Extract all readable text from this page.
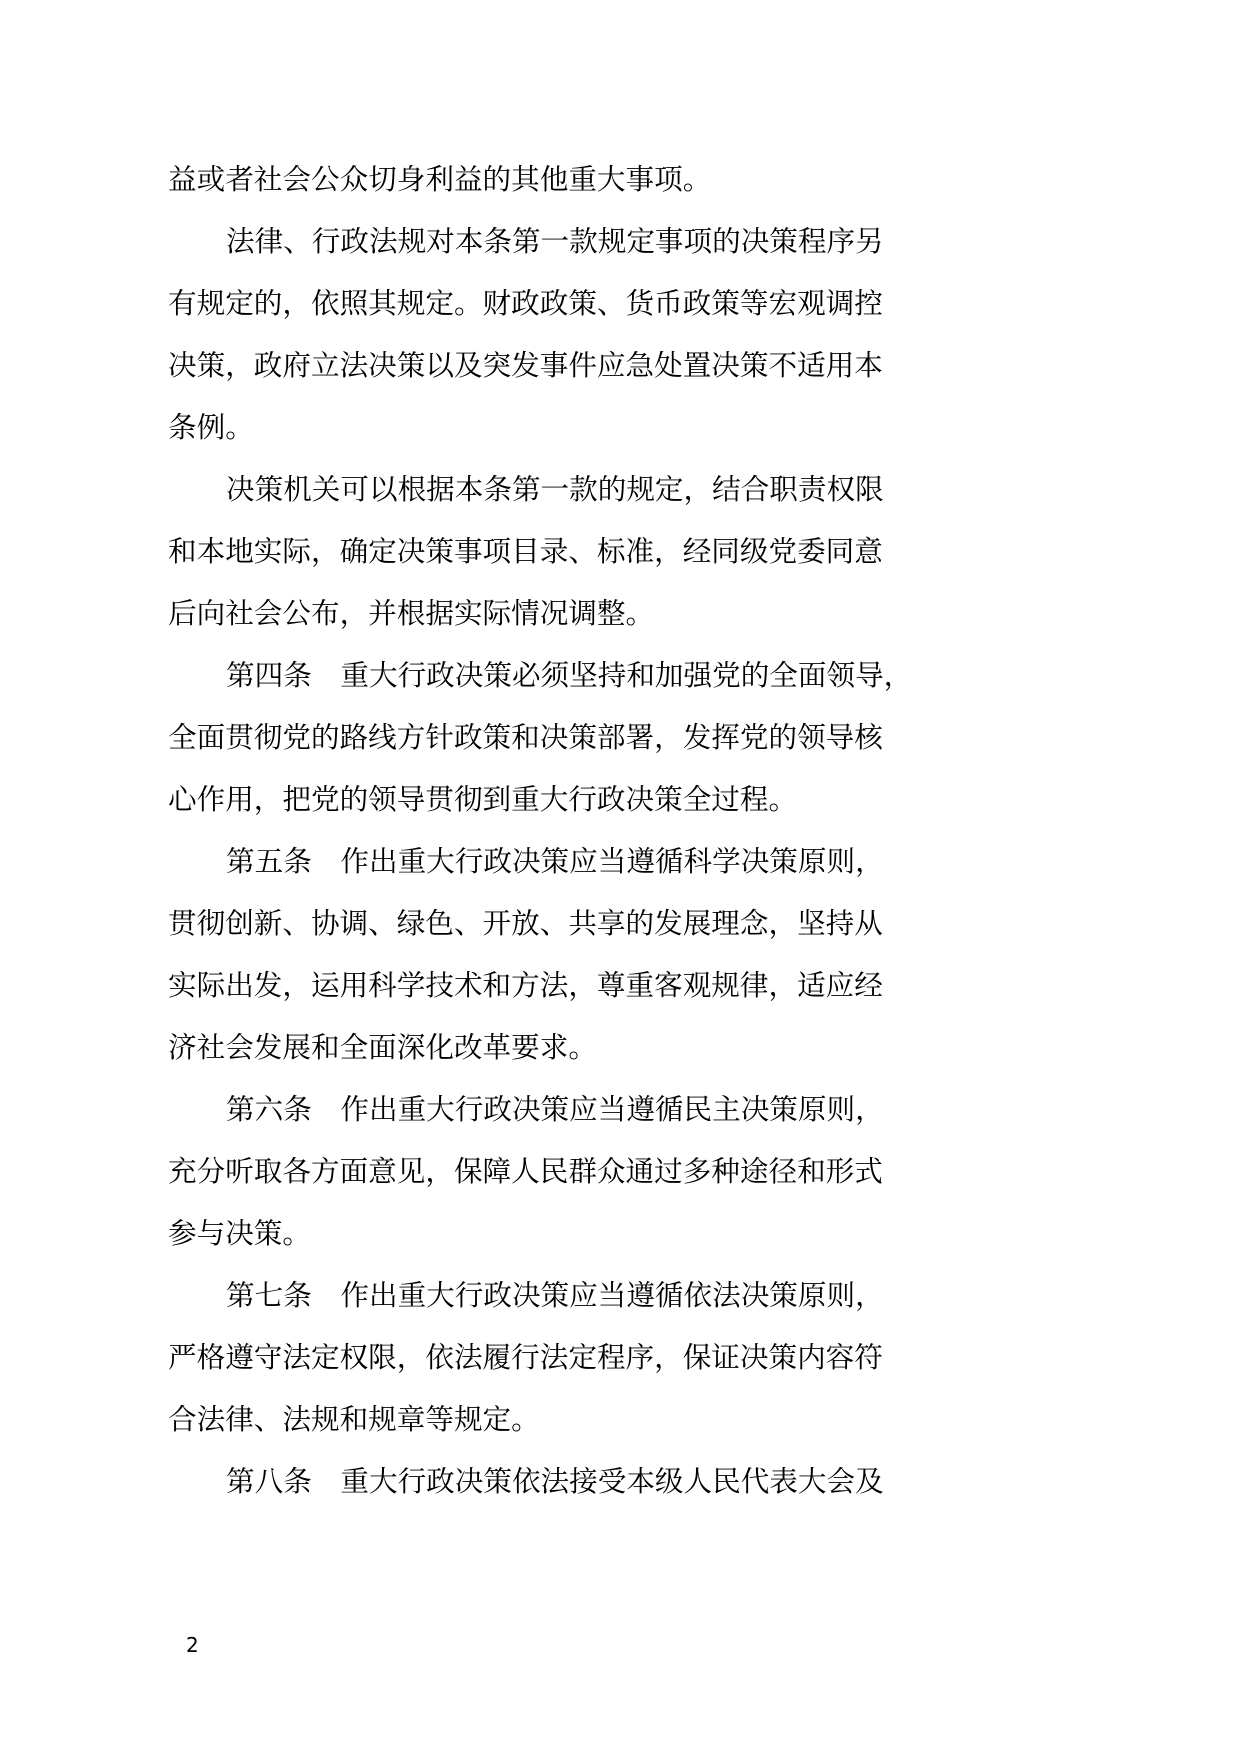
益或者社会公众切身利益的其他重大事项。
法律、行政法规对本条第一款规定事项的决策程序另
有规定的，依照其规定。财政政策、货币政策等宏观调控
决策，政府立法决策以及突发事件应急处置决策不适用本
条例。
决策机关可以根据本条第一款的规定，结合职责权限
和本地实际，确定决策事项目录、标准，经同级党委同意
后向社会公布，并根据实际情况调整。
第四条　重大行政决策必须坚持和加强党的全面领导，
全面贯彻党的路线方针政策和决策部署，发挥党的领导核
心作用，把党的领导贯彻到重大行政决策全过程。
第五条　作出重大行政决策应当遵循科学决策原则，
贯彻创新、协调、绿色、开放、共享的发展理念，坚持从
实际出发，运用科学技术和方法，尊重客观规律，适应经
济社会发展和全面深化改革要求。
第六条　作出重大行政决策应当遵循民主决策原则，
充分听取各方面意见，保障人民群众通过多种途径和形式
参与决策。
第七条　作出重大行政决策应当遵循依法决策原则，
严格遵守法定权限，依法履行法定程序，保证决策内容符
合法律、法规和规章等规定。
第八条　重大行政决策依法接受本级人民代表大会及
2
